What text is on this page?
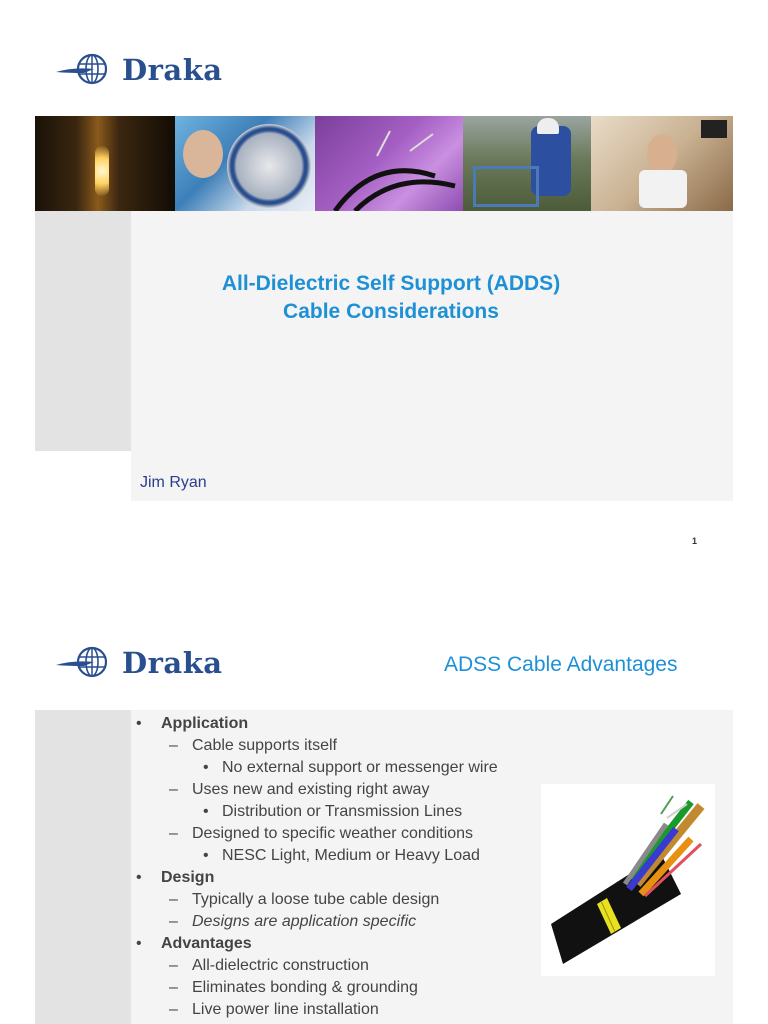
Draka
All-Dielectric Self Support (ADDS)
Cable Considerations
Jim Ryan
1
Draka	ADSS Cable Advantages
• Application
– Cable supports itself
• No external support or messenger wire
– Uses new and existing right away
• Distribution or Transmission Lines
– Designed to specific weather conditions
• NESC Light, Medium or Heavy Load
• Design
– Typically a loose tube cable design
– Designs are application specific
• Advantages
– All-dielectric construction
– Eliminates bonding & grounding
– Live power line installation
